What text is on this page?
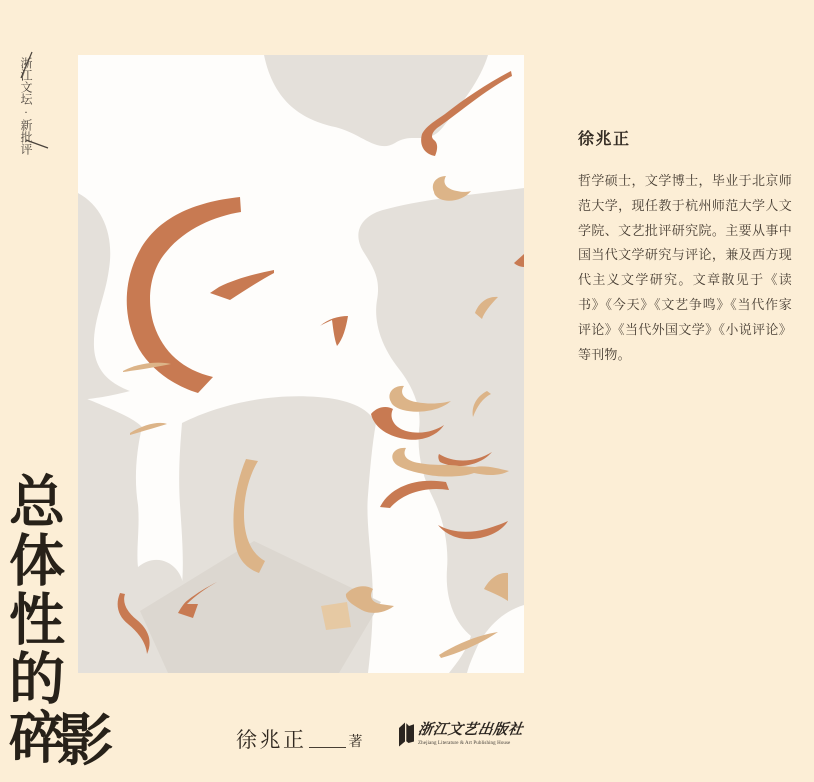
浙江文坛·新批评
总体性的碎
影
徐兆正
哲学硕士，文学博士，毕业于北京师范大学，现任教于杭州师范大学人文学院、文艺批评研究院。主要从事中国当代文学研究与评论，兼及西方现代主义文学研究。文章散见于《读书》《今天》《文艺争鸣》《当代作家评论》《当代外国文学》《小说评论》等刊物。
徐兆正	著
浙江文艺出版社
Zhejiang Literature & Art Publishing House
